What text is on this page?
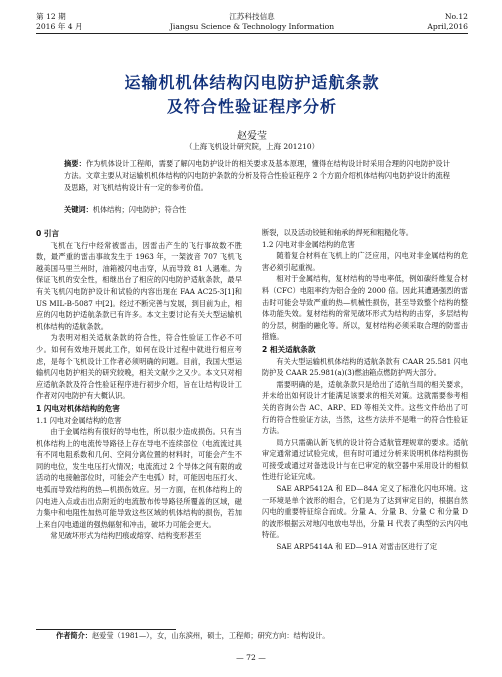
第 12 期
2016 年 4 月
江苏科技信息
Jiangsu Science & Technology Information
No.12
April,2016
运输机机体结构闪电防护适航条款
及符合性验证程序分析
赵爱莹
（上海飞机设计研究院，上海 201210）
摘要：作为机体设计工程师，需要了解闪电防护设计的相关要求及基本原理，懂得在结构设计时采用合理的闪电防护设计方法。文章主要从对运输机机体结构的闪电防护条款的分析及符合性验证程序 2 个方面介绍机体结构闪电防护设计的流程及思路，对飞机结构设计有一定的参考价值。
关键词：机体结构；闪电防护；符合性
0 引言

飞机在飞行中经常被雷击，因雷击产生的飞行事故数不胜数，最严重的雷击事故发生于 1963 年，一架波音 707 飞机飞越美国马里兰州时，油箱被闪电击穿，从而导致 81 人遇难。为保证飞机的安全性，相继出台了相应的闪电防护适航条款，最早有关飞机闪电防护设计和试验的内容出现在 FAA AC25-3[1]和 US MIL-B-5087 中[2]。经过不断完善与发展，到目前为止，相应的闪电防护适航条款已有许多。本文主要讨论有关大型运输机机体结构的适航条款。

为表明对相关适航条款的符合性，符合性验证工作必不可少。如何有效地开展此工作，如何在设计过程中就进行相应考虑，是每个飞机设计工作者必须明确的问题。目前，我国大型运输机闪电防护相关的研究较晚，相关文献少之又少。本文只对相应适航条款及符合性验证程序进行初步介绍，旨在让结构设计工作者对闪电防护有大概认识。

1 闪电对机体结构的危害
1.1 闪电对金属结构的危害

由于金属结构有很好的导电性，所以很少造成损伤。只有当机体结构上的电流传导路径上存在导电不连续部位（电流流过具有不同电阻系数和几何、空间分离位置的材料时，可能会产生不同的电位，发生电压打火情况；电流流过 2 个导体之间有限的或活动的电接触部位时，可能会产生电弧）时，可能因电压打火、电弧而导致结构的热—机损伤效应。另一方面，在机体结构上的闪电进入点或击出点附近的电流散布传导路径所覆盖的区域，磁力集中和电阻性加热可能导致这些区域的机体结构的损伤，若加上来自闪电通道的强热辐射和冲击，破坏力可能会更大。

常见破坏形式为结构凹痕或熔穿、结构变形甚至

断裂，以及活动铰链和轴承的焊死和粗糙化等。

1.2 闪电对非金属结构的危害

随着复合材料在飞机上的广泛应用，闪电对非金属结构的危害必须引起重视。

相对于金属结构，复材结构的导电率低，例如碳纤维复合材料（CFC）电阻率约为铝合金的 2000 倍。因此其遭遇强烈的雷击时可能会导致严重的热—机械性损伤，甚至导致整个结构的整体功能失效。复材结构的常见破坏形式为结构的击穿，多层结构的分层，树脂的融化等。所以，复材结构必须采取合理的防雷击措施。

2 相关适航条款

有关大型运输机机体结构的适航条款有 CAAR 25.581 闪电防护及 CAAR 25.981(a)(3)燃油箱点燃防护两大部分。

需要明确的是，适航条款只是给出了适航当局的相关要求，并未给出如何设计才能满足该要求的相关对策。这就需要参考相关的咨询公告 AC、ARP、ED 等相关文件。这些文件给出了可行的符合性验证方法，当然，这些方法并不是唯一的符合性验证方法。

局方只需确认新飞机的设计符合适航管理规章的要求。适航审定通常通过试验完成，但有时可通过分析来说明机体结构损伤可接受或通过对备选设计与在已审定的航空器中采用设计的相似性进行论证完成。

SAE ARP5412A 和 ED—84A 定义了标准化闪电环境。这一环境是单个波形的组合，它们是为了达到审定目的，根据自然闪电的重要特征综合而成。分量 A、分量 B、分量 C 和分量 D 的波形根据云对地闪电放电导出，分量 H 代表了典型的云内闪电特征。

SAE ARP5414A 和 ED—91A 对雷击区进行了定

作者简介：赵爱莹（1981—），女，山东滨州，硕士，工程师；研究方向：结构设计。
— 72 —
